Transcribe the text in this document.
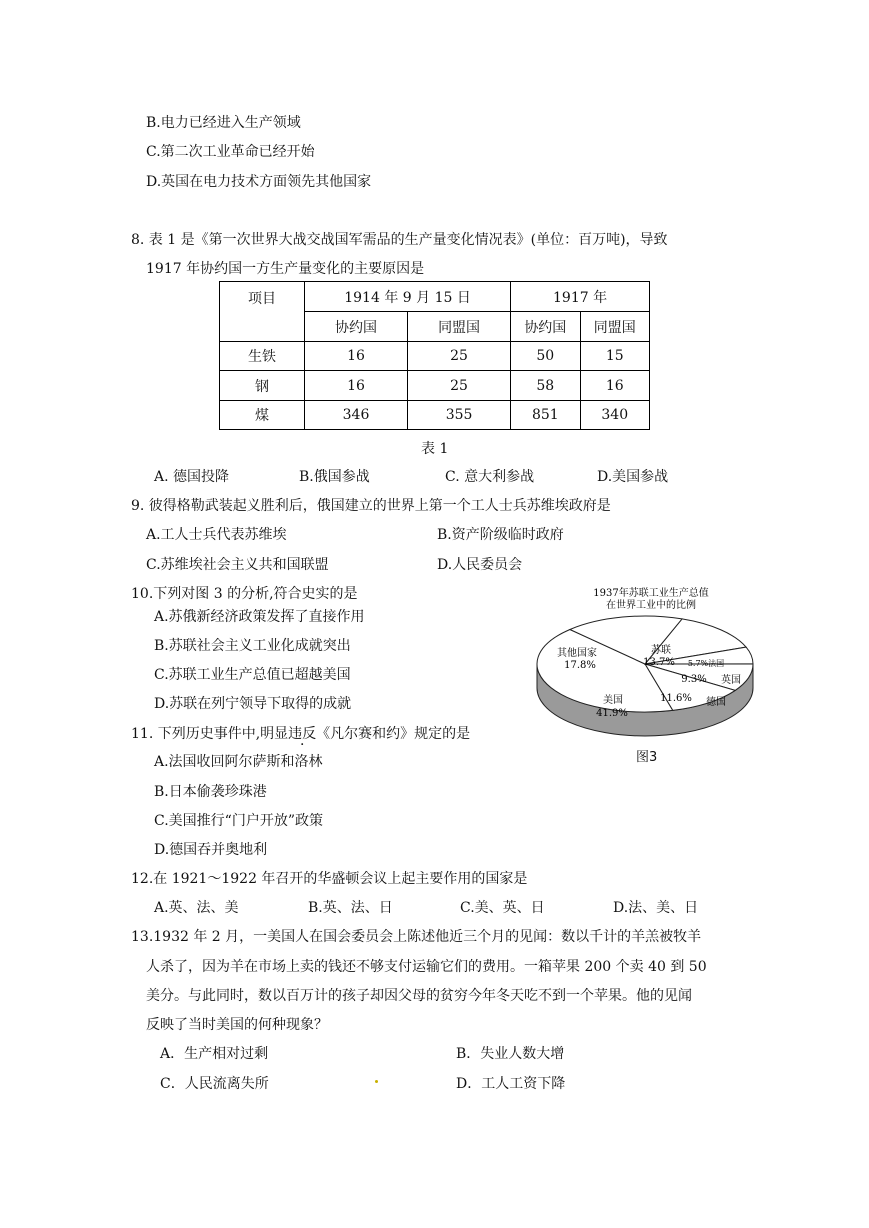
B.电力已经进入生产领域
C.第二次工业革命已经开始
D.英国在电力技术方面领先其他国家
8. 表 1 是《第一次世界大战交战国军需品的生产量变化情况表》(单位：百万吨)，导致
1917 年协约国一方生产量变化的主要原因是
项目	1914 年 9 月 15 日		1917 年	
	协约国	同盟国	协约国	同盟国
生铁	16	25	50	15
钢	16	25	58	16
煤	346	355	851	340
表 1
A. 德国投降	B.俄国参战	C. 意大利参战	D.美国参战
9. 彼得格勒武装起义胜利后，俄国建立的世界上第一个工人士兵苏维埃政府是
A.工人士兵代表苏维埃	B.资产阶级临时政府
C.苏维埃社会主义共和国联盟	D.人民委员会
10.下列对图 3 的分析,符合史实的是
A.苏俄新经济政策发挥了直接作用
B.苏联社会主义工业化成就突出
C.苏联工业生产总值已超越美国
D.苏联在列宁领导下取得的成就
1937年苏联工业生产总值
在世界工业中的比例
13.7%
苏联
5.7%法国
9.3% 英国
11.6% 德国
41.9%
美国
17.8%
其他国家
图3
11. 下列历史事件中,明显违反《凡尔赛和约》规定的是
A.法国收回阿尔萨斯和洛林
B.日本偷袭珍珠港
C.美国推行“门户开放”政策
D.德国吞并奥地利
12.在 1921～1922 年召开的华盛顿会议上起主要作用的国家是
A.英、法、美	B.英、法、日	C.美、英、日	D.法、美、日
13.1932 年 2 月，一美国人在国会委员会上陈述他近三个月的见闻：数以千计的羊羔被牧羊
人杀了，因为羊在市场上卖的钱还不够支付运输它们的费用。一箱苹果 200 个卖 40 到 50
美分。与此同时，数以百万计的孩子却因父母的贫穷今年冬天吃不到一个苹果。他的见闻
反映了当时美国的何种现象？
A．生产相对过剩	B．失业人数大增
C．人民流离失所	D．工人工资下降
